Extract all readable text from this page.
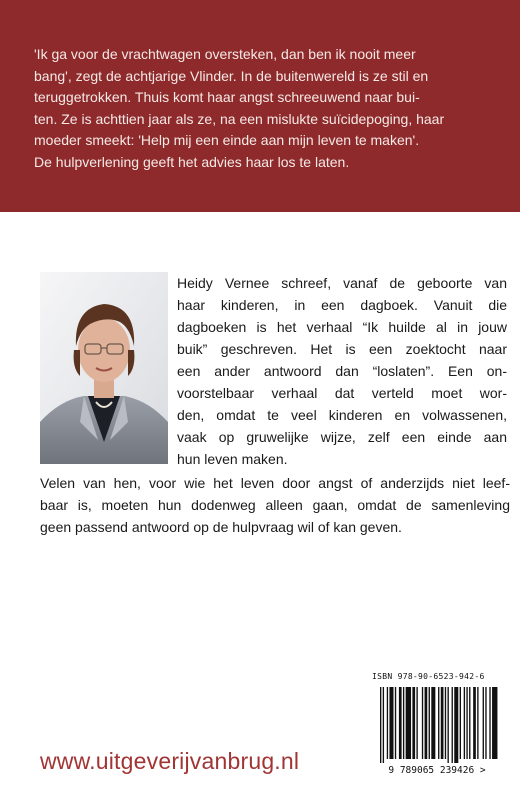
'Ik ga voor de vrachtwagen oversteken, dan ben ik nooit meer
bang', zegt de achtjarige Vlinder. In de buitenwereld is ze stil en
teruggetrokken. Thuis komt haar angst schreeuwend naar bui-
ten. Ze is achttien jaar als ze, na een mislukte suïcidepoging, haar
moeder smeekt: 'Help mij een einde aan mijn leven te maken'.
De hulpverlening geeft het advies haar los te laten.
Heidy Vernee schreef, vanaf de geboorte van
haar kinderen, in een dagboek. Vanuit die
dagboeken is het verhaal “Ik huilde al in jouw
buik” geschreven. Het is een zoektocht naar
een ander antwoord dan “loslaten”. Een on-
voorstelbaar verhaal dat verteld moet wor-
den, omdat te veel kinderen en volwassenen,
vaak op gruwelijke wijze, zelf een einde aan
hun leven maken.
Velen van hen, voor wie het leven door angst of anderzijds niet leef-
baar is, moeten hun dodenweg alleen gaan, omdat de samenleving
geen passend antwoord op de hulpvraag wil of kan geven.
ISBN 978-90-6523-942-6
9 789065 239426 >
www.uitgeverijvanbrug.nl
